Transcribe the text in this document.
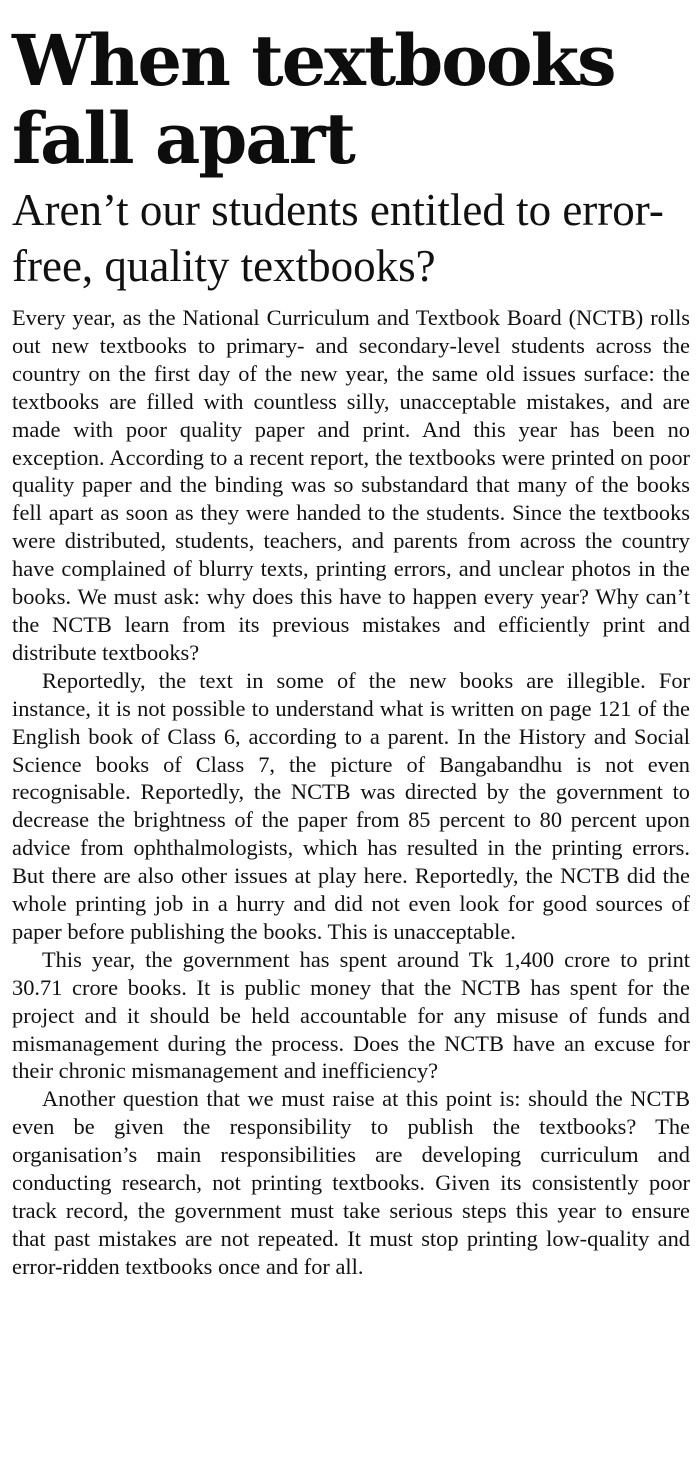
When textbooks fall apart
Aren’t our students entitled to error-free, quality textbooks?

Every year, as the National Curriculum and Textbook Board (NCTB) rolls out new textbooks to primary- and secondary-level students across the country on the first day of the new year, the same old issues surface: the textbooks are filled with countless silly, unacceptable mistakes, and are made with poor quality paper and print. And this year has been no exception. According to a recent report, the textbooks were printed on poor quality paper and the binding was so substandard that many of the books fell apart as soon as they were handed to the students. Since the textbooks were distributed, students, teachers, and parents from across the country have complained of blurry texts, printing errors, and unclear photos in the books. We must ask: why does this have to happen every year? Why can’t the NCTB learn from its previous mistakes and efficiently print and distribute textbooks?

Reportedly, the text in some of the new books are illegible. For instance, it is not possible to understand what is written on page 121 of the English book of Class 6, according to a parent. In the History and Social Science books of Class 7, the picture of Bangabandhu is not even recognisable. Reportedly, the NCTB was directed by the government to decrease the brightness of the paper from 85 percent to 80 percent upon advice from ophthalmologists, which has resulted in the printing errors. But there are also other issues at play here. Reportedly, the NCTB did the whole printing job in a hurry and did not even look for good sources of paper before publishing the books. This is unacceptable.

This year, the government has spent around Tk 1,400 crore to print 30.71 crore books. It is public money that the NCTB has spent for the project and it should be held accountable for any misuse of funds and mismanagement during the process. Does the NCTB have an excuse for their chronic mismanagement and inefficiency?

Another question that we must raise at this point is: should the NCTB even be given the responsibility to publish the textbooks? The organisation’s main responsibilities are developing curriculum and conducting research, not printing textbooks. Given its consistently poor track record, the government must take serious steps this year to ensure that past mistakes are not repeated. It must stop printing low-quality and error-ridden textbooks once and for all.
